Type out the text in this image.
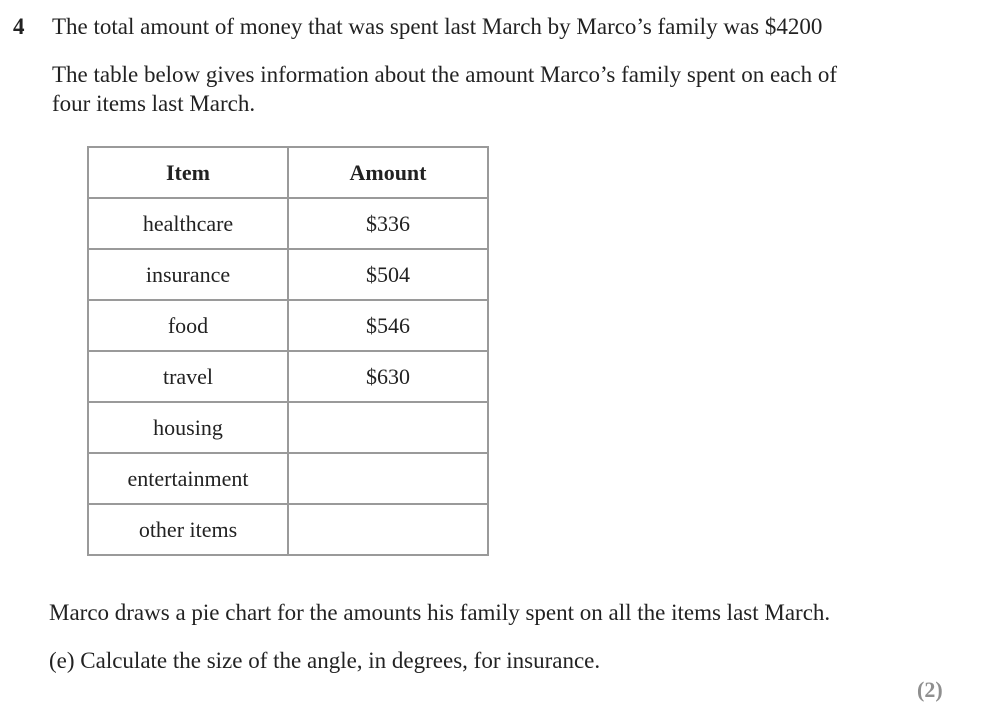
4 The total amount of money that was spent last March by Marco’s family was $4200
The table below gives information about the amount Marco’s family spent on each of
four items last March.
Item	Amount
healthcare	$336
insurance	$504
food	$546
travel	$630
housing	
entertainment	
other items	
Marco draws a pie chart for the amounts his family spent on all the items last March.
(e) Calculate the size of the angle, in degrees, for insurance.
(2)
